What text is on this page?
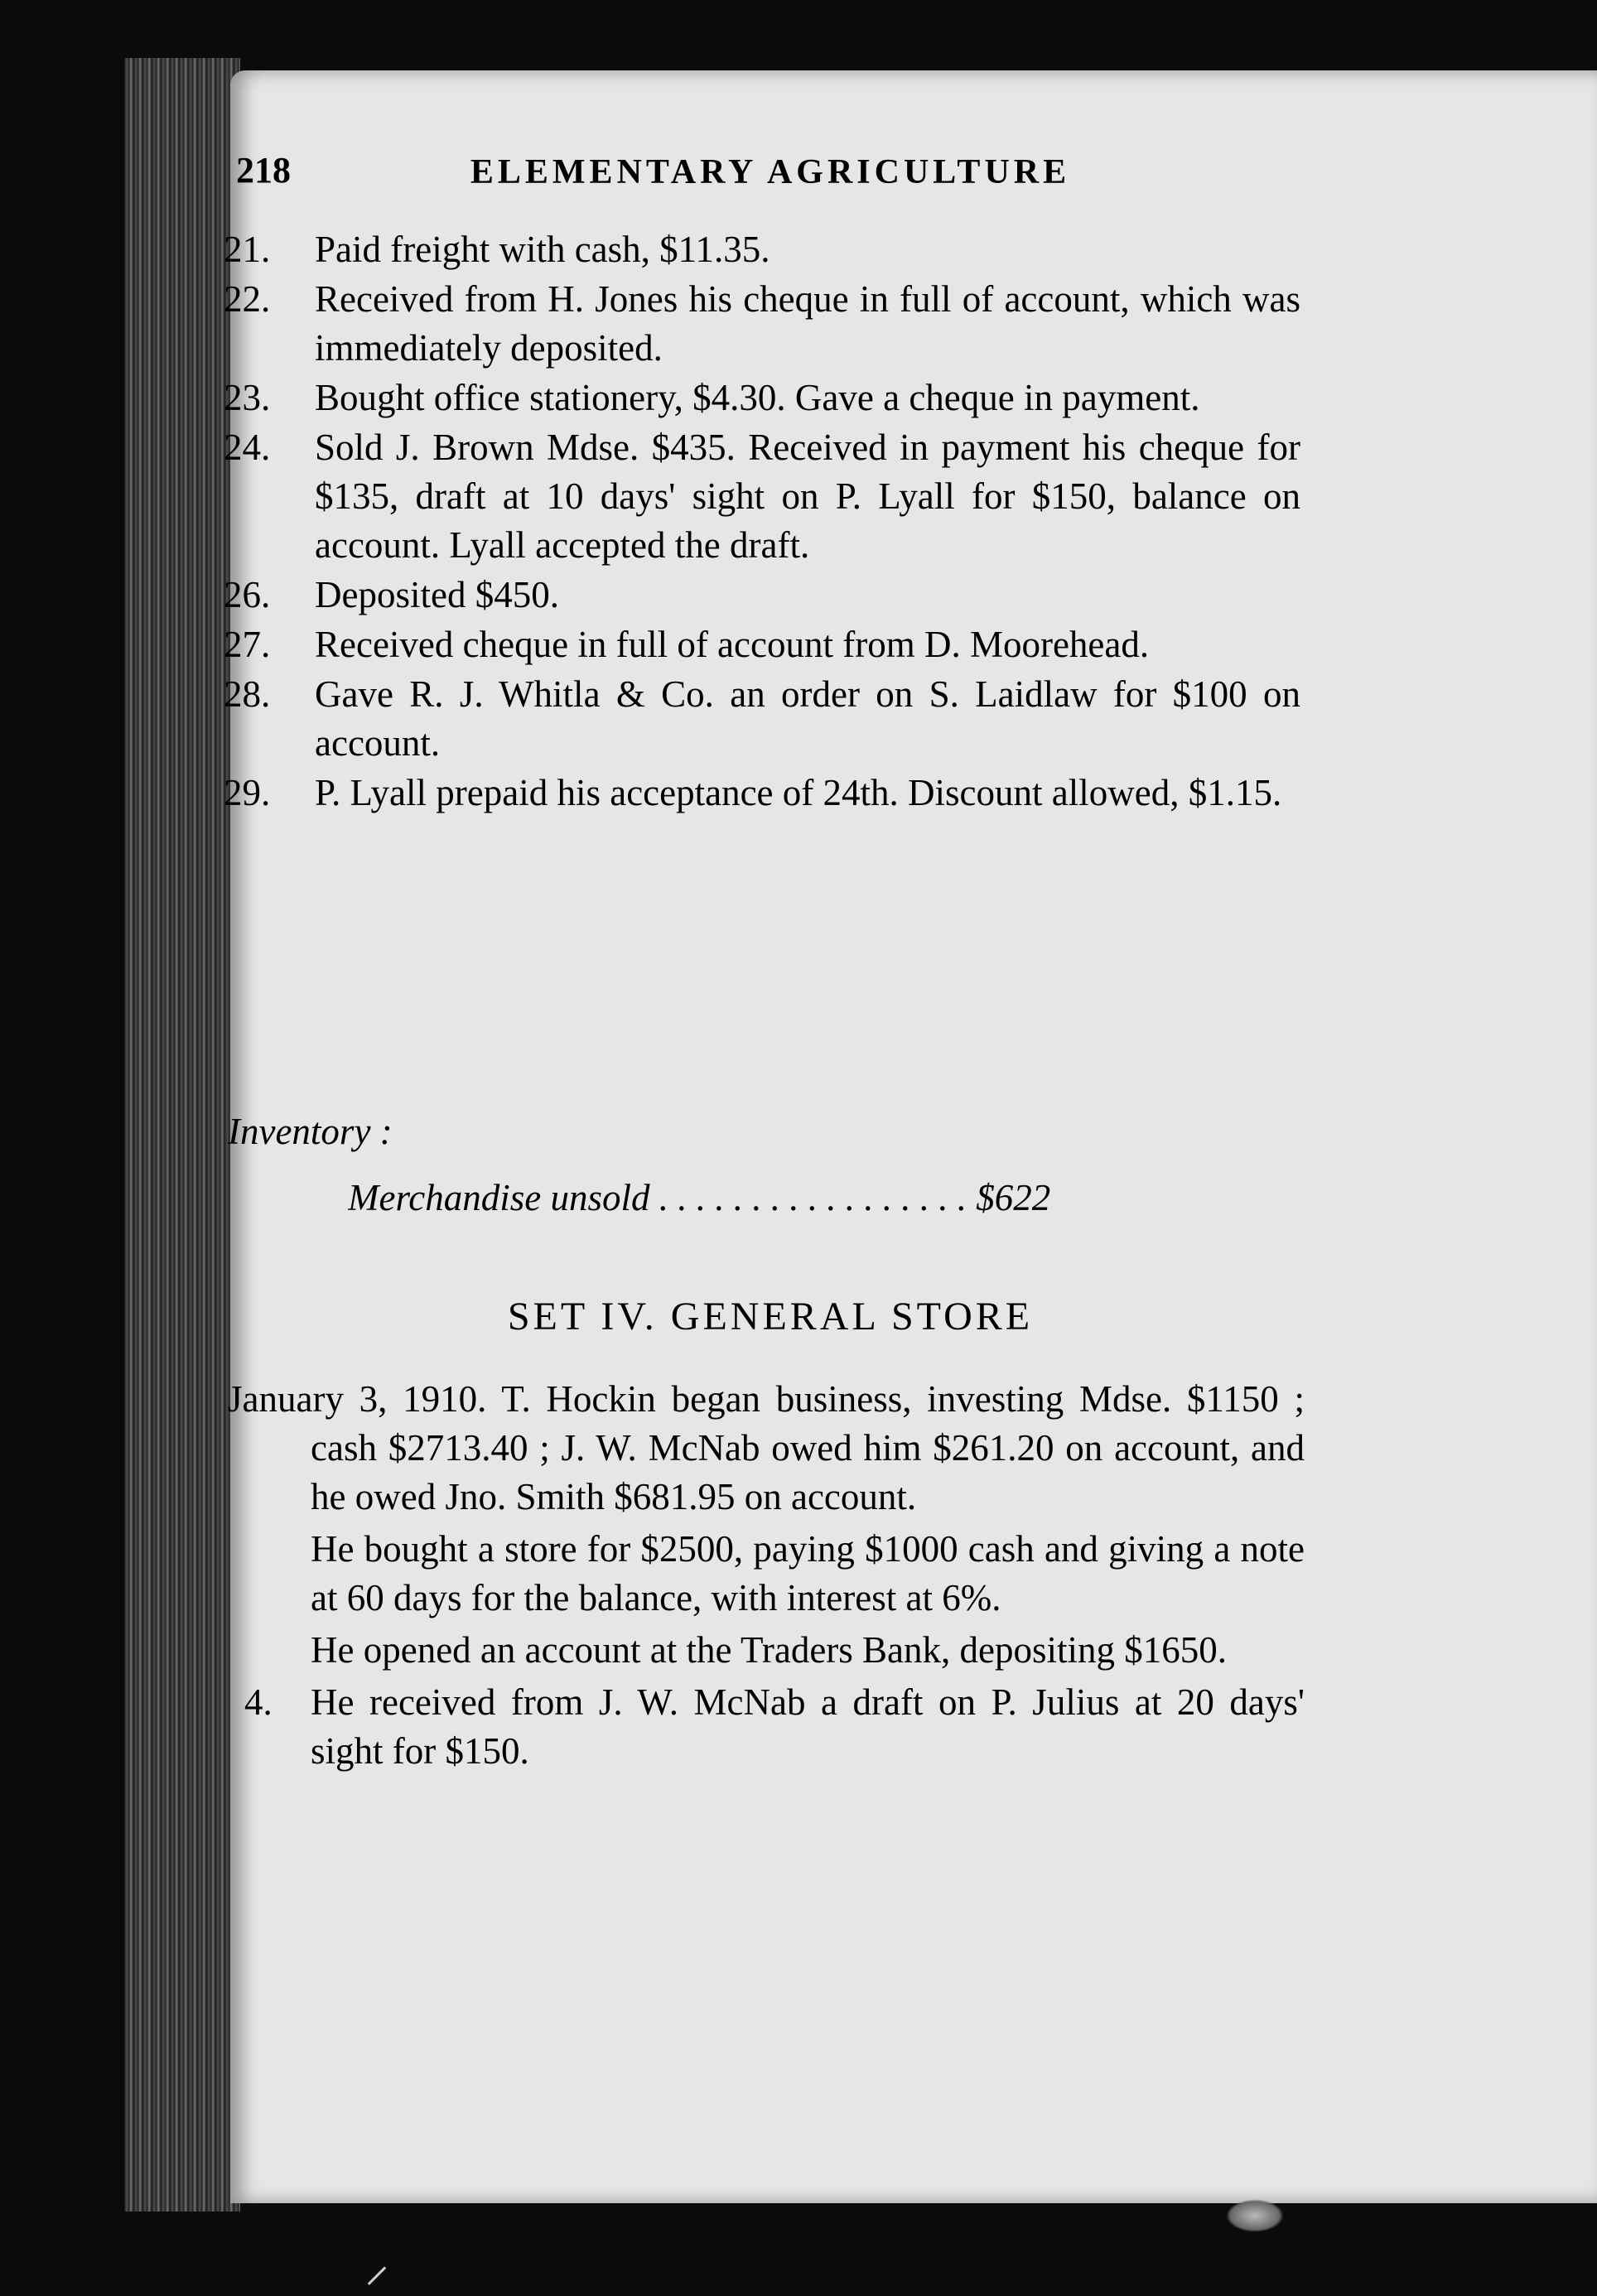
218	ELEMENTARY AGRICULTURE
21.	Paid freight with cash, $11.35.
22.	Received from H. Jones his cheque in full of account, which was immediately deposited.
23.	Bought office stationery, $4.30. Gave a cheque in payment.
24.	Sold J. Brown Mdse. $435. Received in payment his cheque for $135, draft at 10 days' sight on P. Lyall for $150, balance on account. Lyall accepted the draft.
26.	Deposited $450.
27.	Received cheque in full of account from D. Moorehead.
28.	Gave R. J. Whitla & Co. an order on S. Laidlaw for $100 on account.
29.	P. Lyall prepaid his acceptance of 24th. Discount allowed, $1.15.
Inventory :
Merchandise unsold . . . . . . . . . . . . . . . . . $622
SET IV. GENERAL STORE

January 3, 1910. T. Hockin began business, investing Mdse. $1150 ; cash $2713.40 ; J. W. McNab owed him $261.20 on account, and he owed Jno. Smith $681.95 on account.

He bought a store for $2500, paying $1000 cash and giving a note at 60 days for the balance, with interest at 6%.

He opened an account at the Traders Bank, depositing $1650.

4.	He received from J. W. McNab a draft on P. Julius at 20 days' sight for $150.
⸝
